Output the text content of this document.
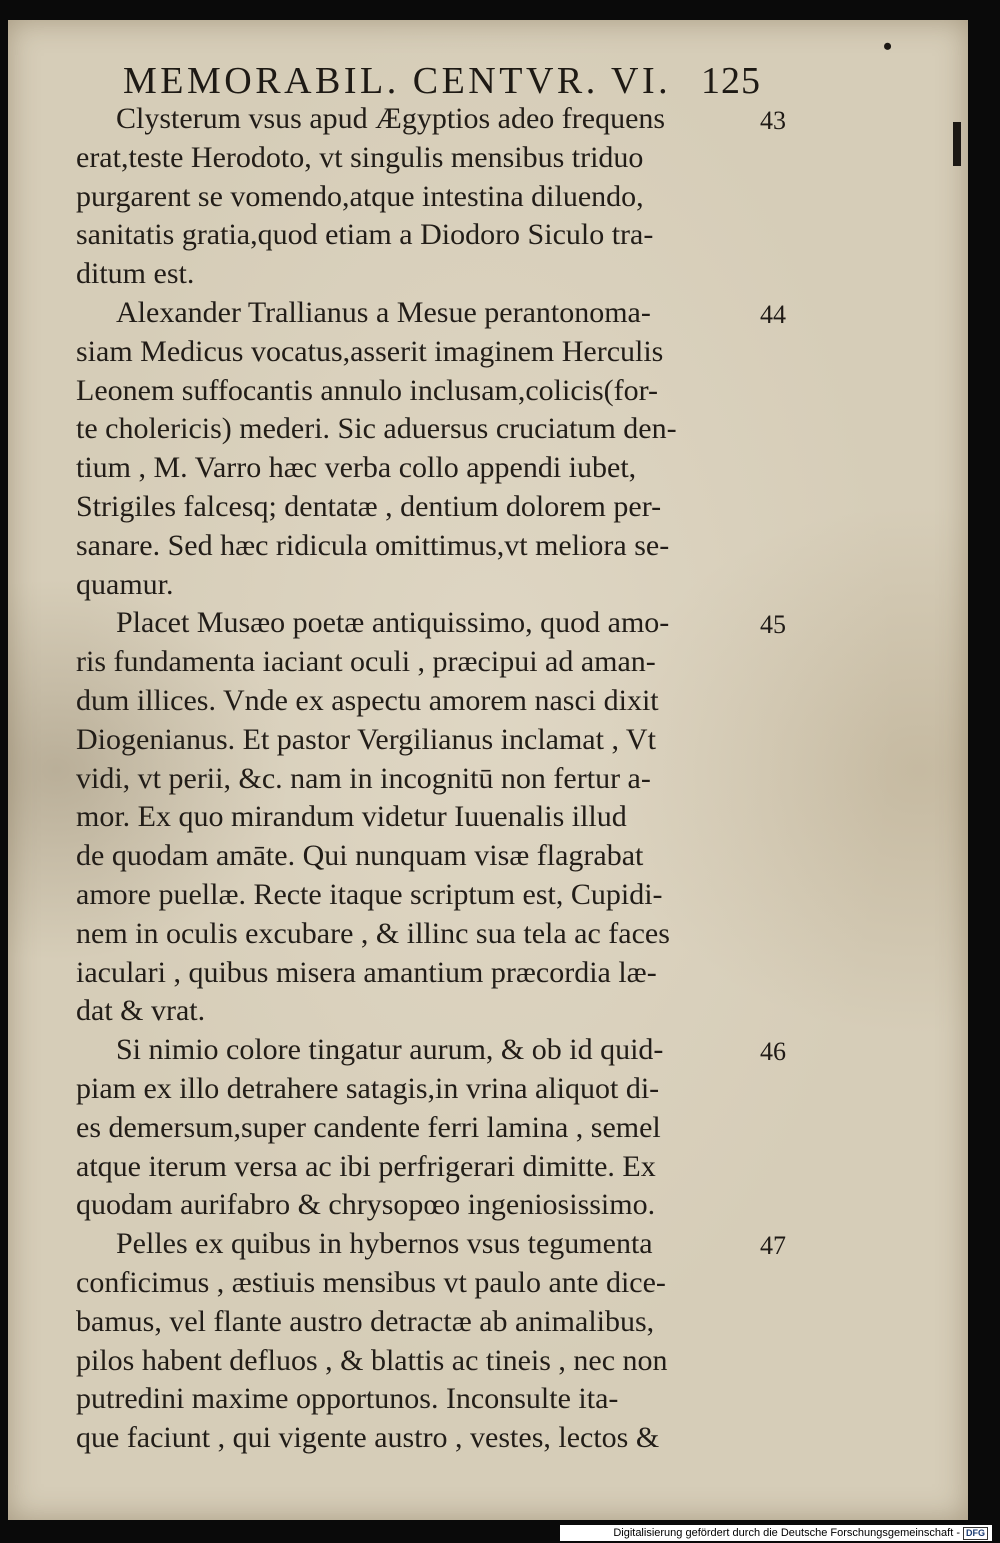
•
MEMORABIL. CENTVR. VI. 125
Clysterum vsus apud Ægyptios adeo frequens
erat,teste Herodoto, vt singulis mensibus triduo
purgarent se vomendo,atque intestina diluendo,
sanitatis gratia,quod etiam a Diodoro Siculo tra-
ditum est.
Alexander Trallianus a Mesue perantonoma-
siam Medicus vocatus,asserit imaginem Herculis
Leonem suffocantis annulo inclusam,colicis(for-
te cholericis) mederi. Sic aduersus cruciatum den-
tium , M. Varro hæc verba collo appendi iubet,
Strigiles falcesq; dentatæ , dentium dolorem per-
sanare. Sed hæc ridicula omittimus,vt meliora se-
quamur.
Placet Musæo poetæ antiquissimo, quod amo-
ris fundamenta iaciant oculi , præcipui ad aman-
dum illices. Vnde ex aspectu amorem nasci dixit
Diogenianus. Et pastor Vergilianus inclamat , Vt
vidi, vt perii, &c. nam in incognitū non fertur a-
mor. Ex quo mirandum videtur Iuuenalis illud
de quodam amāte. Qui nunquam visæ flagrabat
amore puellæ. Recte itaque scriptum est, Cupidi-
nem in oculis excubare , & illinc sua tela ac faces
iaculari , quibus misera amantium præcordia læ-
dat & vrat.
Si nimio colore tingatur aurum, & ob id quid-
piam ex illo detrahere satagis,in vrina aliquot di-
es demersum,super candente ferri lamina , semel
atque iterum versa ac ibi perfrigerari dimitte. Ex
quodam aurifabro & chrysopœo ingeniosissimo.
Pelles ex quibus in hybernos vsus tegumenta
conficimus , æstiuis mensibus vt paulo ante dice-
bamus, vel flante austro detractæ ab animalibus,
pilos habent defluos , & blattis ac tineis , nec non
putredini maxime opportunos. Inconsulte ita-
que faciunt , qui vigente austro , vestes, lectos &
Digitalisierung gefördert durch die Deutsche Forschungsgemeinschaft - DFG
43
44
45
46
47
